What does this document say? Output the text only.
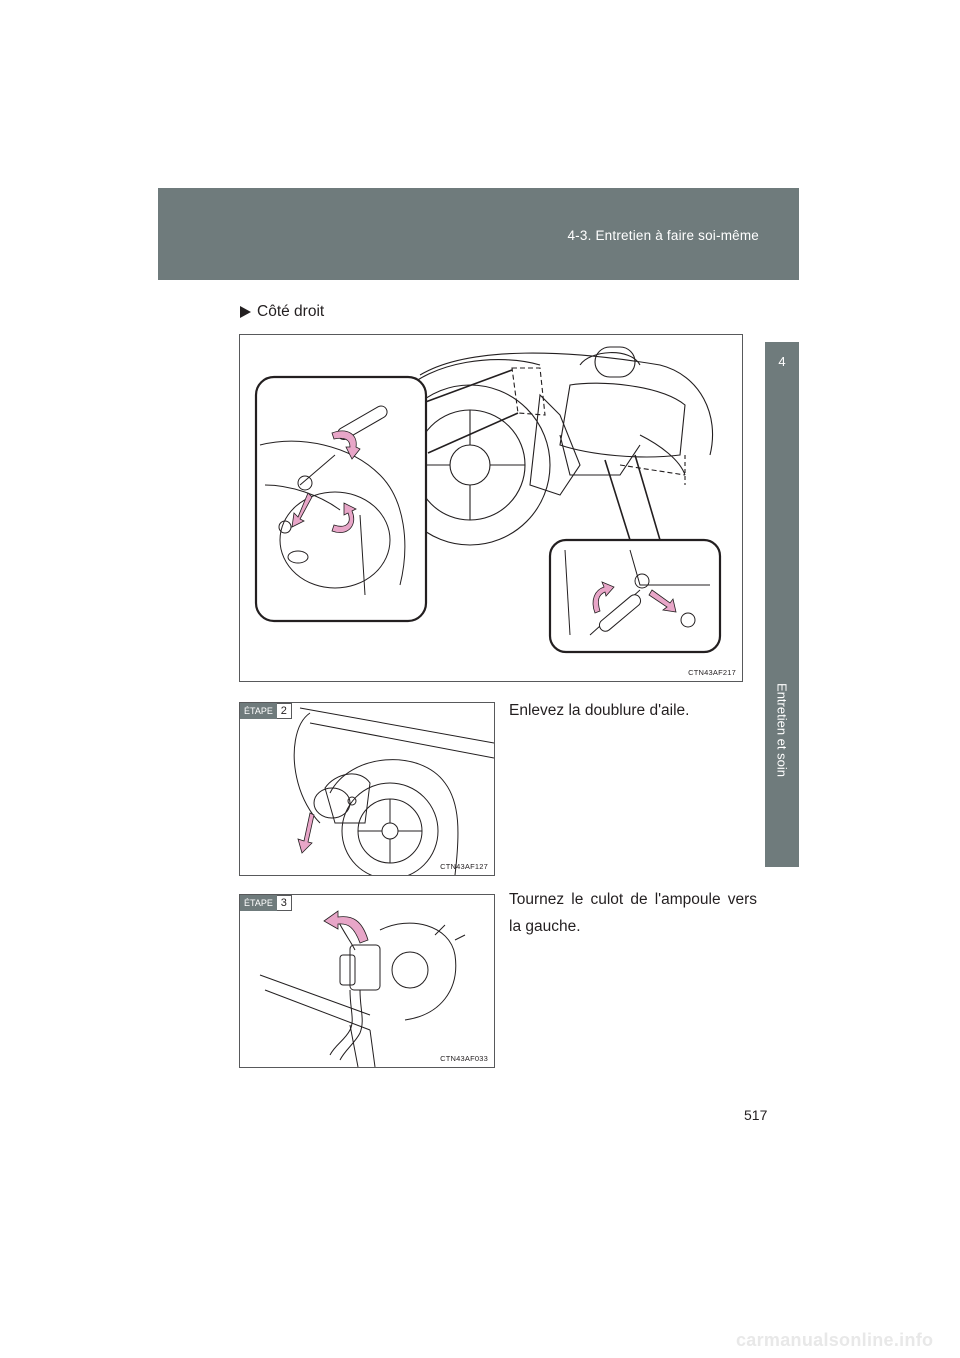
4-3. Entretien à faire soi-même
4
Entretien et soin
Côté droit
CTN43AF217
ÉTAPE 2
CTN43AF127
Enlevez la doublure d'aile.
ÉTAPE 3
CTN43AF033
Tournez le culot de l'ampoule vers la gauche.
517
carmanualsonline.info
